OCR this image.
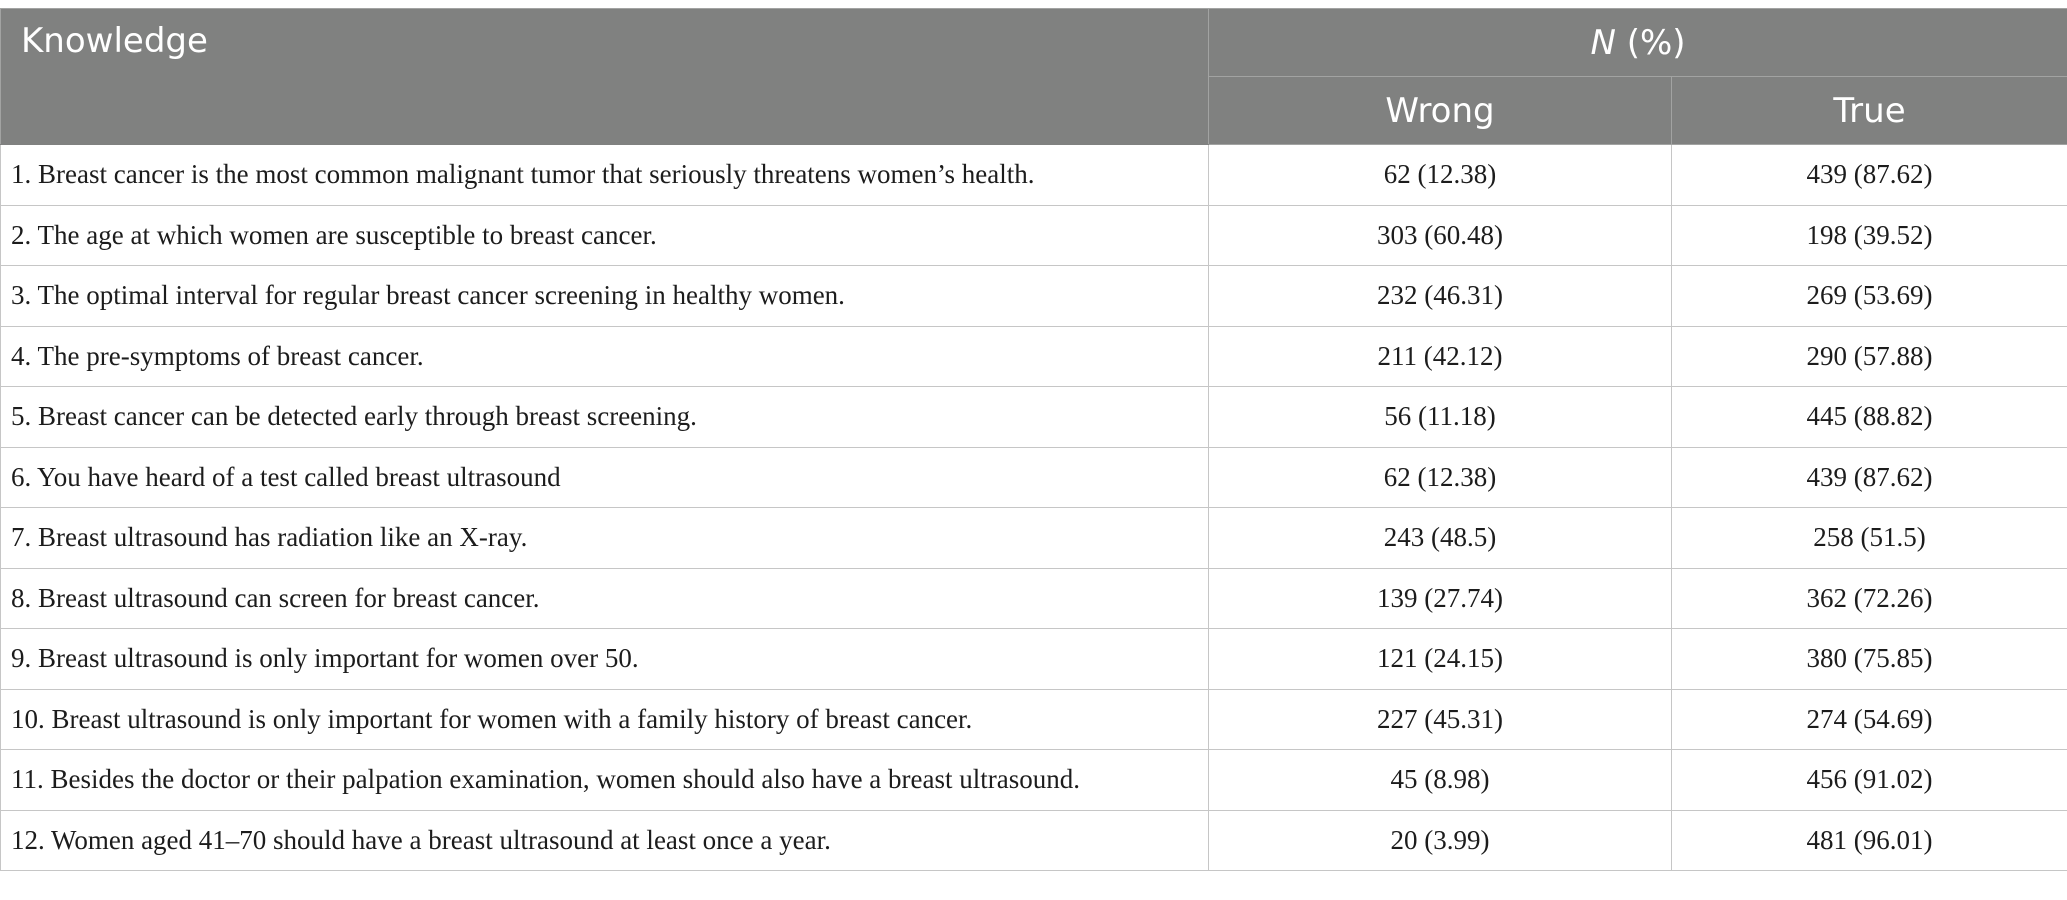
Knowledge	N (%)	
	Wrong	True
1. Breast cancer is the most common malignant tumor that seriously threatens women’s health.	62 (12.38)	439 (87.62)
2. The age at which women are susceptible to breast cancer.	303 (60.48)	198 (39.52)
3. The optimal interval for regular breast cancer screening in healthy women.	232 (46.31)	269 (53.69)
4. The pre-symptoms of breast cancer.	211 (42.12)	290 (57.88)
5. Breast cancer can be detected early through breast screening.	56 (11.18)	445 (88.82)
6. You have heard of a test called breast ultrasound	62 (12.38)	439 (87.62)
7. Breast ultrasound has radiation like an X-ray.	243 (48.5)	258 (51.5)
8. Breast ultrasound can screen for breast cancer.	139 (27.74)	362 (72.26)
9. Breast ultrasound is only important for women over 50.	121 (24.15)	380 (75.85)
10. Breast ultrasound is only important for women with a family history of breast cancer.	227 (45.31)	274 (54.69)
11. Besides the doctor or their palpation examination, women should also have a breast ultrasound.	45 (8.98)	456 (91.02)
12. Women aged 41–70 should have a breast ultrasound at least once a year.	20 (3.99)	481 (96.01)
